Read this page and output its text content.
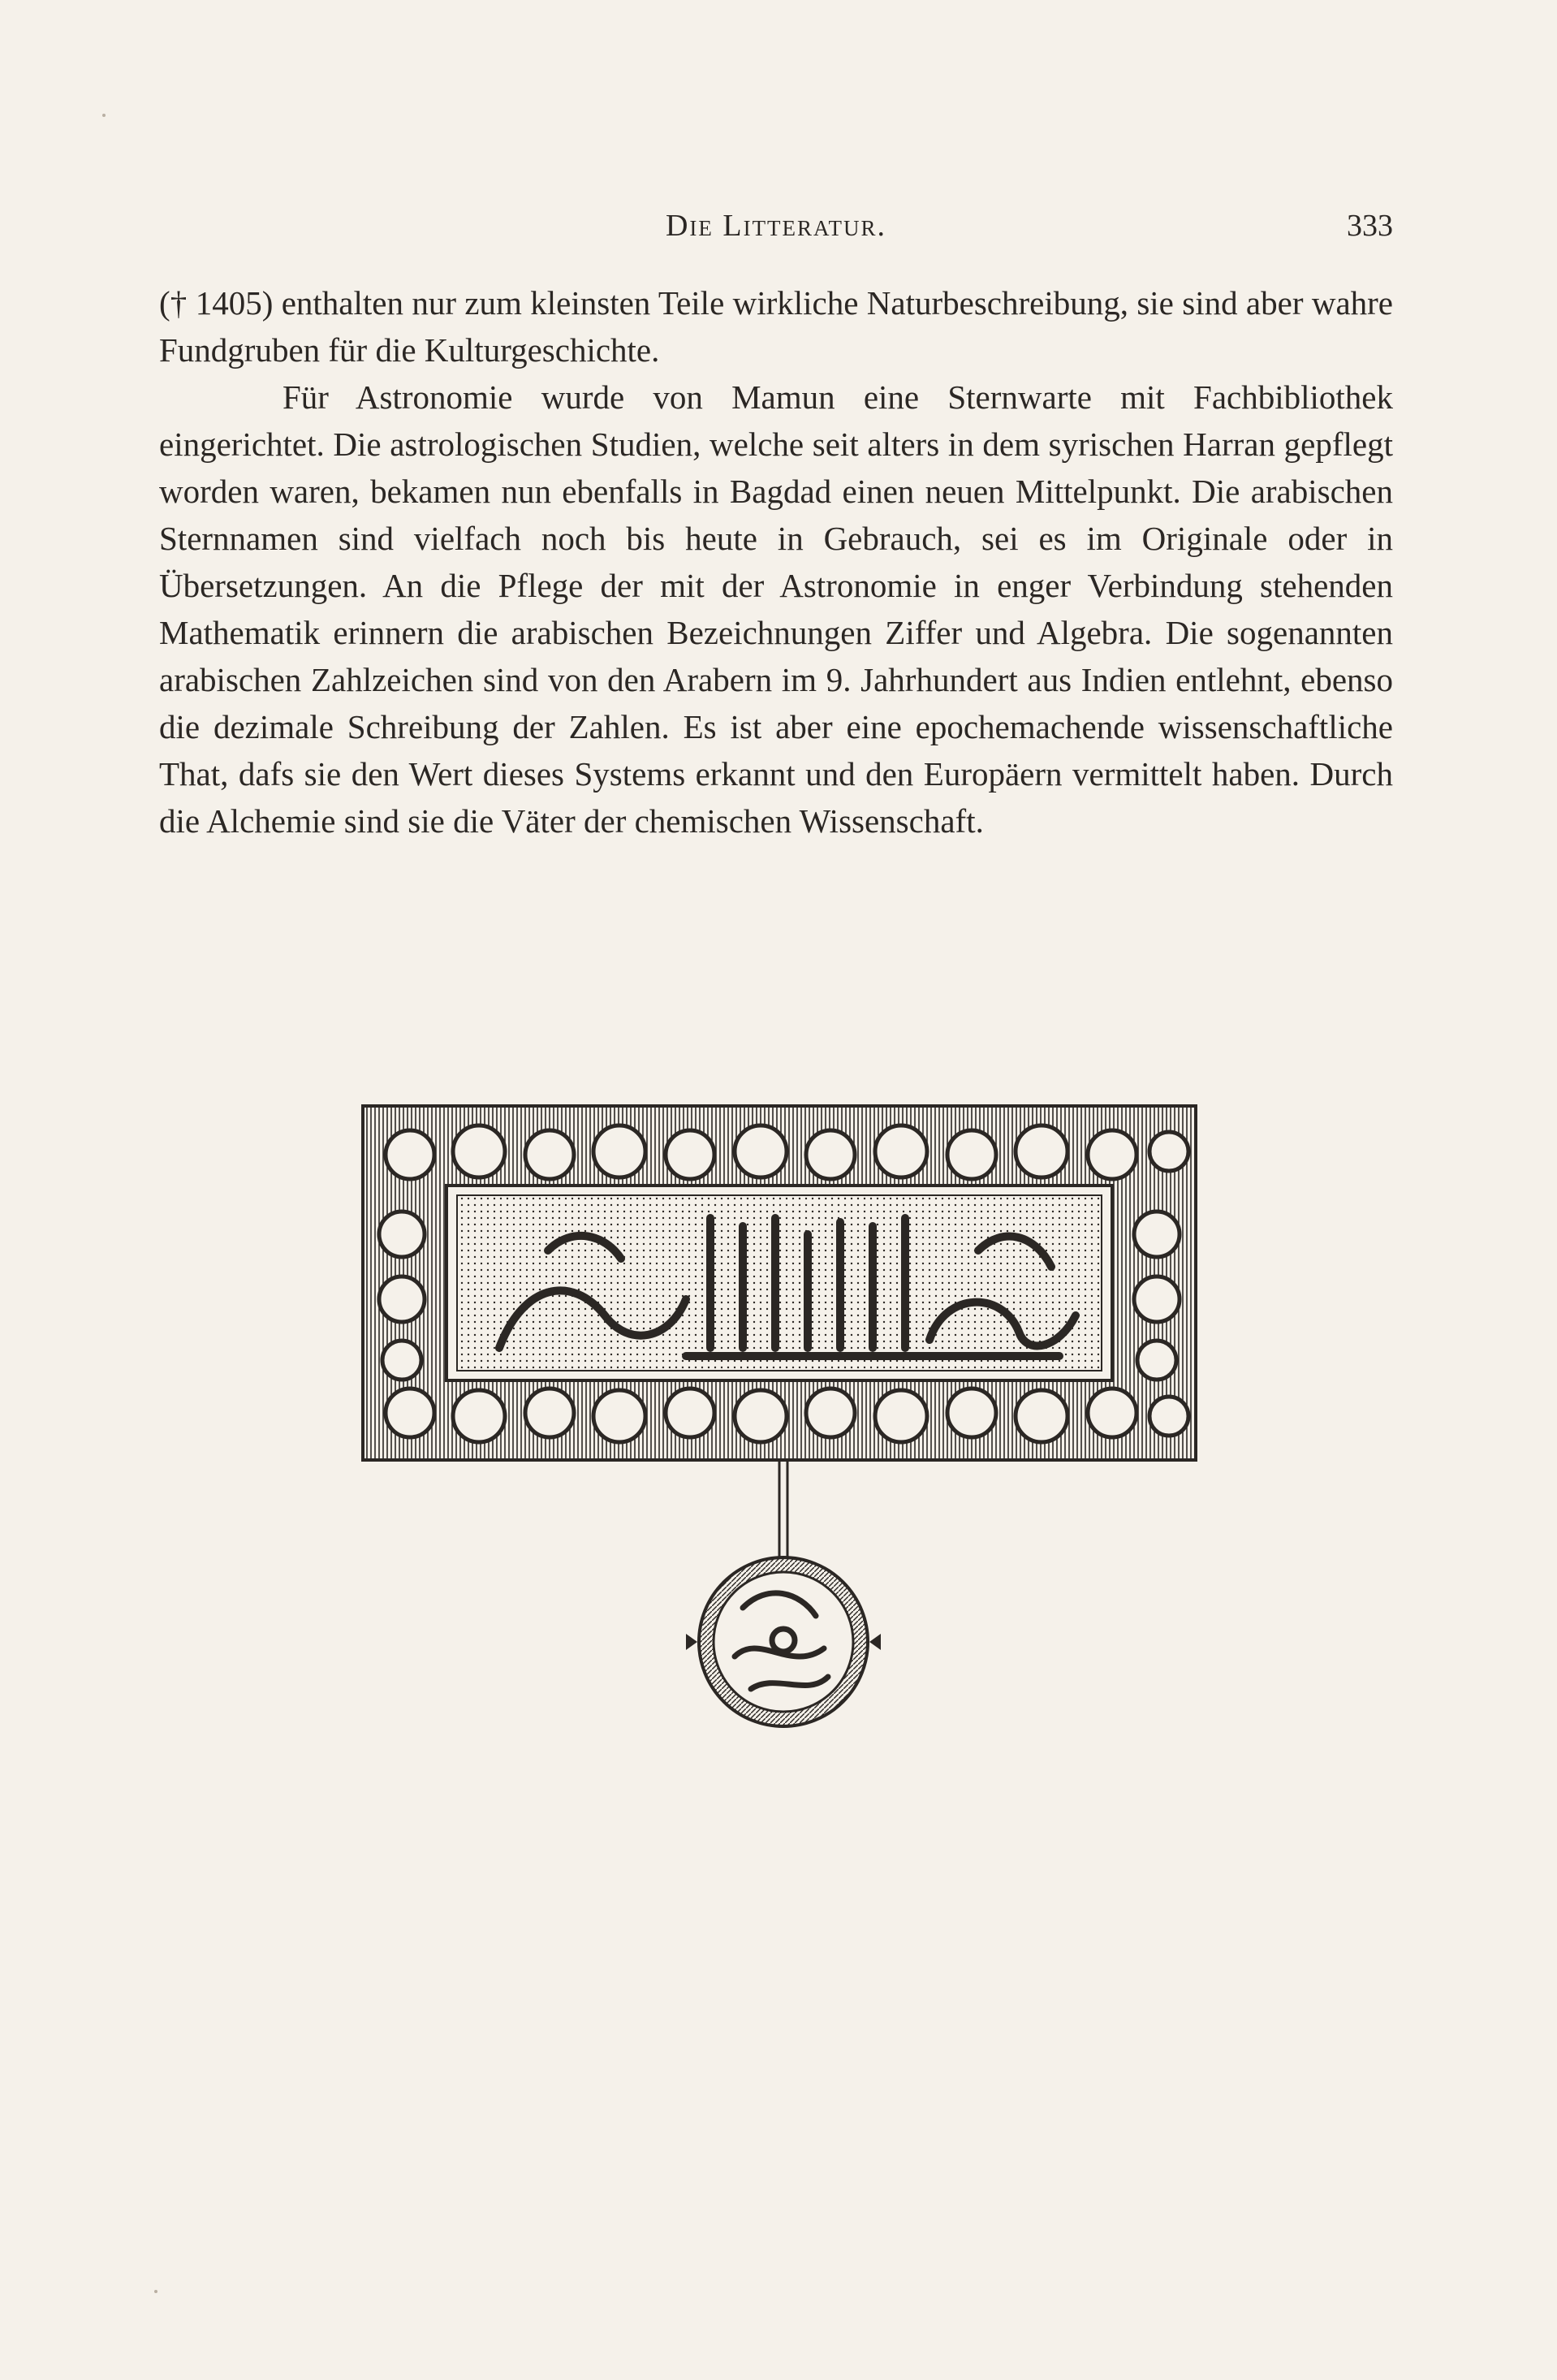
Die Litteratur.	333

(† 1405) enthalten nur zum kleinsten Teile wirkliche Naturbeschreibung, sie sind aber wahre Fundgruben für die Kulturgeschichte.

Für Astronomie wurde von Mamun eine Sternwarte mit Fachbibliothek eingerichtet. Die astrologischen Studien, welche seit alters in dem syrischen Harran gepflegt worden waren, bekamen nun ebenfalls in Bagdad einen neuen Mittelpunkt. Die arabischen Sternnamen sind vielfach noch bis heute in Gebrauch, sei es im Originale oder in Übersetzungen. An die Pflege der mit der Astronomie in enger Verbindung stehenden Mathematik erinnern die arabischen Bezeichnungen Ziffer und Algebra. Die sogenannten arabischen Zahlzeichen sind von den Arabern im 9. Jahrhundert aus Indien entlehnt, ebenso die dezimale Schreibung der Zahlen. Es ist aber eine epochemachende wissenschaftliche That, dafs sie den Wert dieses Systems erkannt und den Europäern vermittelt haben. Durch die Alchemie sind sie die Väter der chemischen Wissenschaft.
